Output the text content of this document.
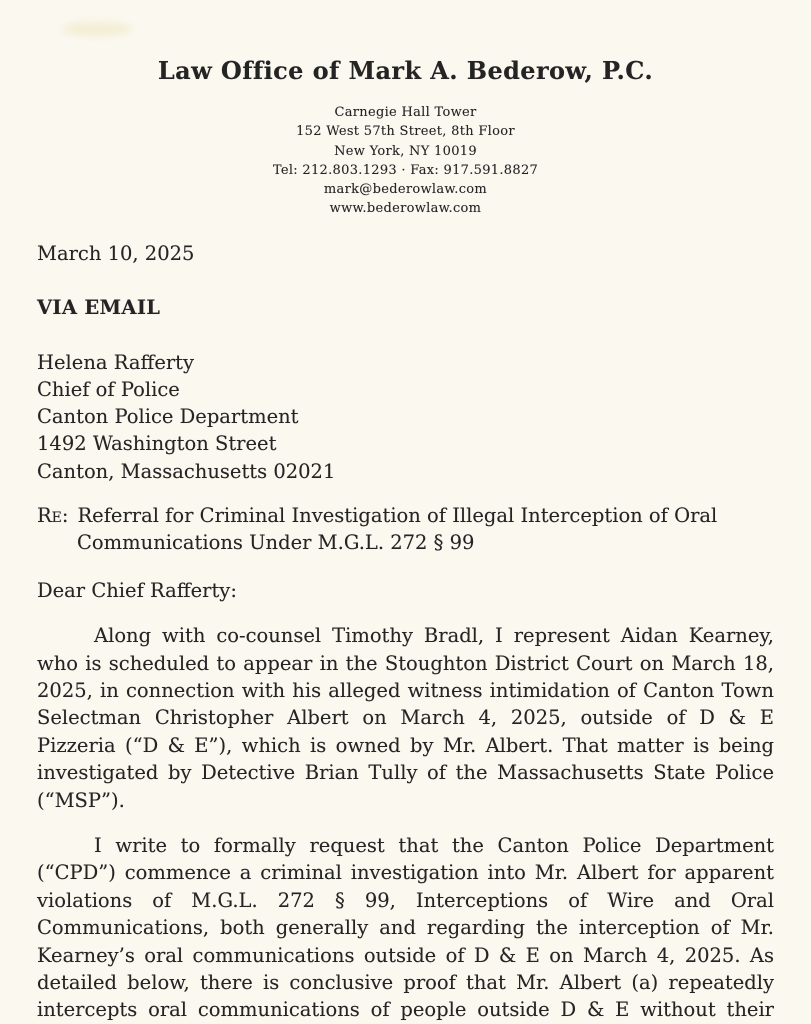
Law Office of Mark A. Bederow, P.C.
Carnegie Hall Tower
152 West 57th Street, 8th Floor
New York, NY 10019
Tel: 212.803.1293 · Fax: 917.591.8827
mark@bederowlaw.com
www.bederowlaw.com
March 10, 2025
VIA EMAIL
Helena Rafferty
Chief of Police
Canton Police Department
1492 Washington Street
Canton, Massachusetts 02021
Re: Referral for Criminal Investigation of Illegal Interception of Oral Communications Under M.G.L. 272 § 99
Dear Chief Rafferty:

Along with co-counsel Timothy Bradl, I represent Aidan Kearney, who is scheduled to appear in the Stoughton District Court on March 18, 2025, in connection with his alleged witness intimidation of Canton Town Selectman Christopher Albert on March 4, 2025, outside of D & E Pizzeria (“D & E”), which is owned by Mr. Albert. That matter is being investigated by Detective Brian Tully of the Massachusetts State Police (“MSP”).

I write to formally request that the Canton Police Department (“CPD”) commence a criminal investigation into Mr. Albert for apparent violations of M.G.L. 272 § 99, Interceptions of Wire and Oral Communications, both generally and regarding the interception of Mr. Kearney’s oral communications outside of D & E on March 4, 2025. As detailed below, there is conclusive proof that Mr. Albert (a) repeatedly intercepts oral communications of people outside D & E without their
